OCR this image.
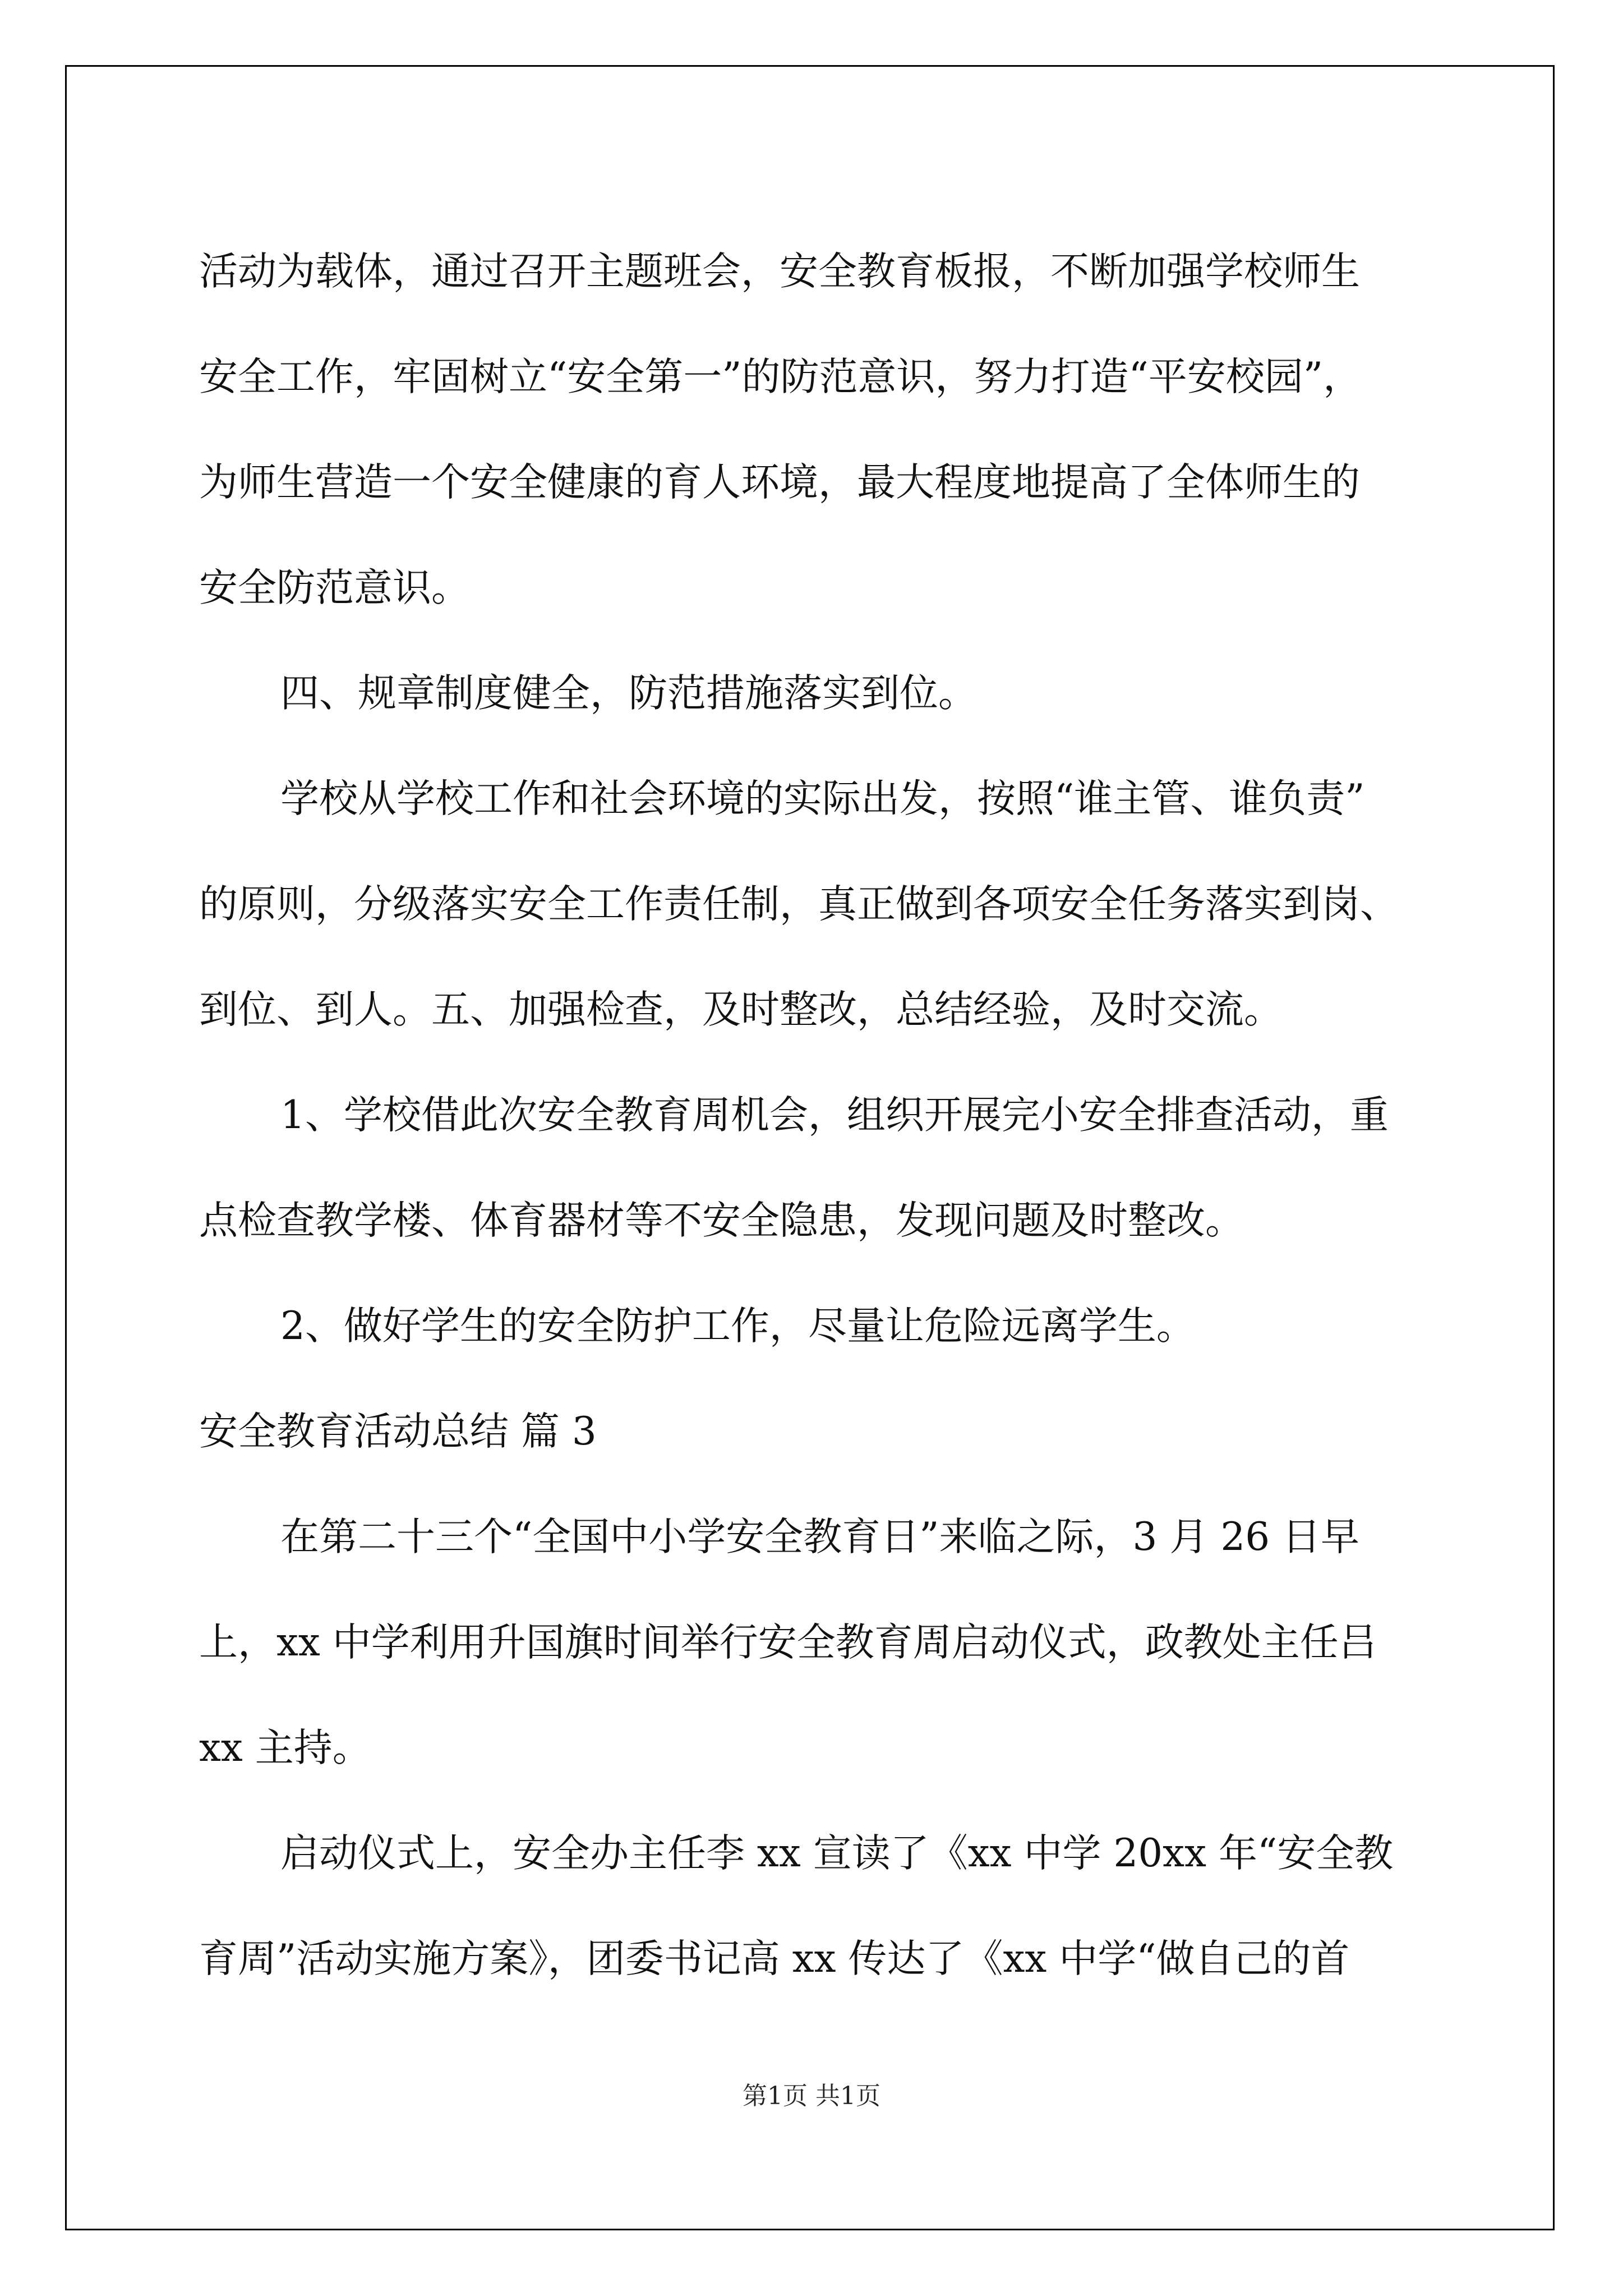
活动为载体，通过召开主题班会，安全教育板报，不断加强学校师生
安全工作，牢固树立“安全第一”的防范意识，努力打造“平安校园”，
为师生营造一个安全健康的育人环境，最大程度地提高了全体师生的
安全防范意识。
四、规章制度健全，防范措施落实到位。
学校从学校工作和社会环境的实际出发，按照“谁主管、谁负责”
的原则，分级落实安全工作责任制，真正做到各项安全任务落实到岗、
到位、到人。五、加强检查，及时整改，总结经验，及时交流。
1、学校借此次安全教育周机会，组织开展完小安全排查活动，重
点检查教学楼、体育器材等不安全隐患，发现问题及时整改。
2、做好学生的安全防护工作，尽量让危险远离学生。
安全教育活动总结 篇 3
在第二十三个“全国中小学安全教育日”来临之际，3 月 26 日早
上，xx 中学利用升国旗时间举行安全教育周启动仪式，政教处主任吕
xx 主持。
启动仪式上，安全办主任李 xx 宣读了《xx 中学 20xx 年“安全教
育周”活动实施方案》，团委书记高 xx 传达了《xx 中学“做自己的首
第1页 共1页
